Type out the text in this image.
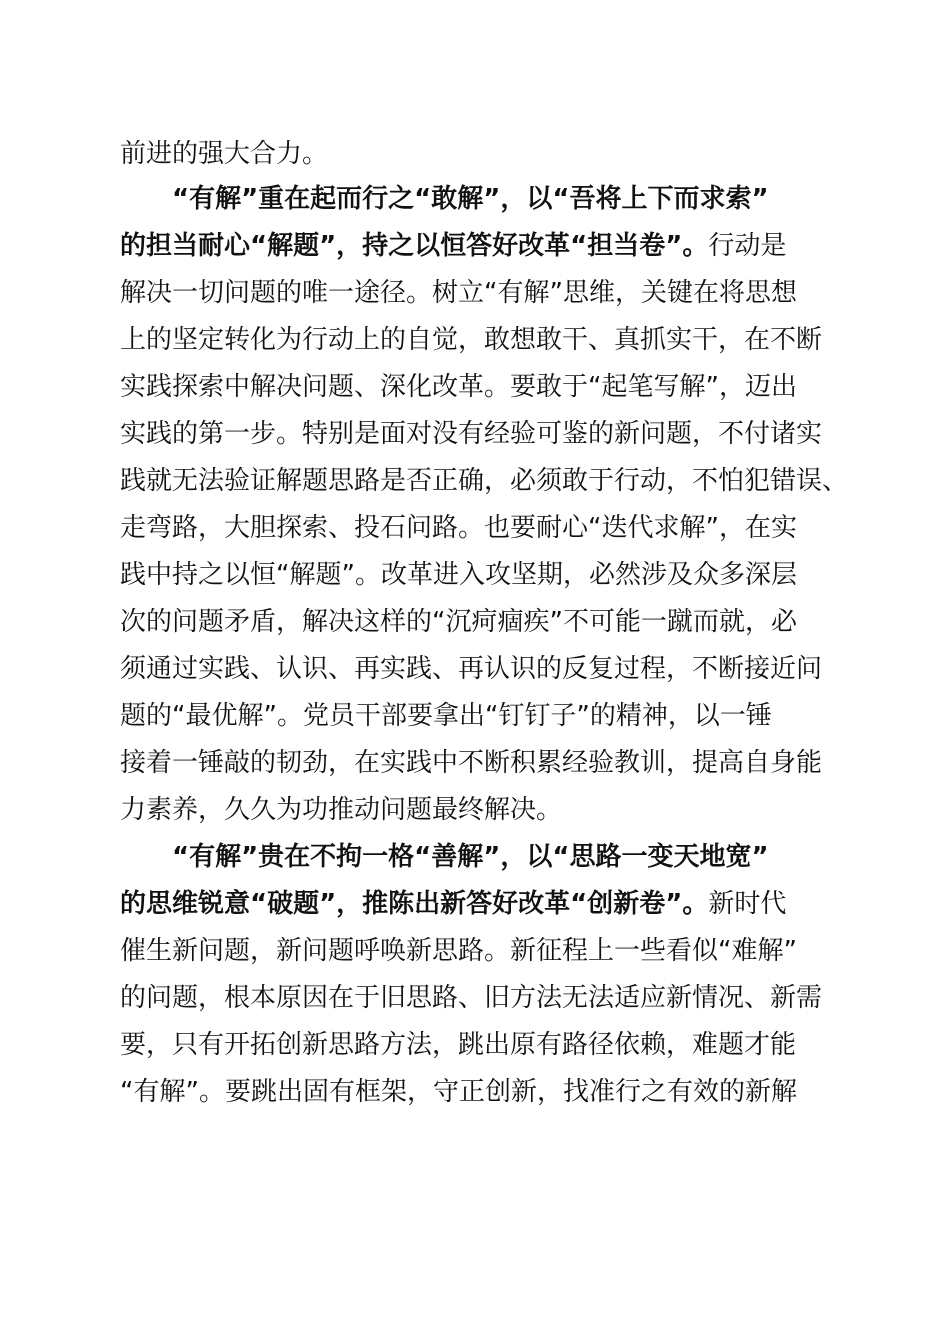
前进的强大合力。
“有解”重在起而行之“敢解”，以“吾将上下而求索”
的担当耐心“解题”，持之以恒答好改革“担当卷”。行动是
解决一切问题的唯一途径。树立“有解”思维，关键在将思想
上的坚定转化为行动上的自觉，敢想敢干、真抓实干，在不断
实践探索中解决问题、深化改革。要敢于“起笔写解”，迈出
实践的第一步。特别是面对没有经验可鉴的新问题，不付诸实
践就无法验证解题思路是否正确，必须敢于行动，不怕犯错误、
走弯路，大胆探索、投石问路。也要耐心“迭代求解”，在实
践中持之以恒“解题”。改革进入攻坚期，必然涉及众多深层
次的问题矛盾，解决这样的“沉疴痼疾”不可能一蹴而就，必
须通过实践、认识、再实践、再认识的反复过程，不断接近问
题的“最优解”。党员干部要拿出“钉钉子”的精神，以一锤
接着一锤敲的韧劲，在实践中不断积累经验教训，提高自身能
力素养，久久为功推动问题最终解决。
“有解”贵在不拘一格“善解”，以“思路一变天地宽”
的思维锐意“破题”，推陈出新答好改革“创新卷”。新时代
催生新问题，新问题呼唤新思路。新征程上一些看似“难解”
的问题，根本原因在于旧思路、旧方法无法适应新情况、新需
要，只有开拓创新思路方法，跳出原有路径依赖，难题才能
“有解”。要跳出固有框架，守正创新，找准行之有效的新解
